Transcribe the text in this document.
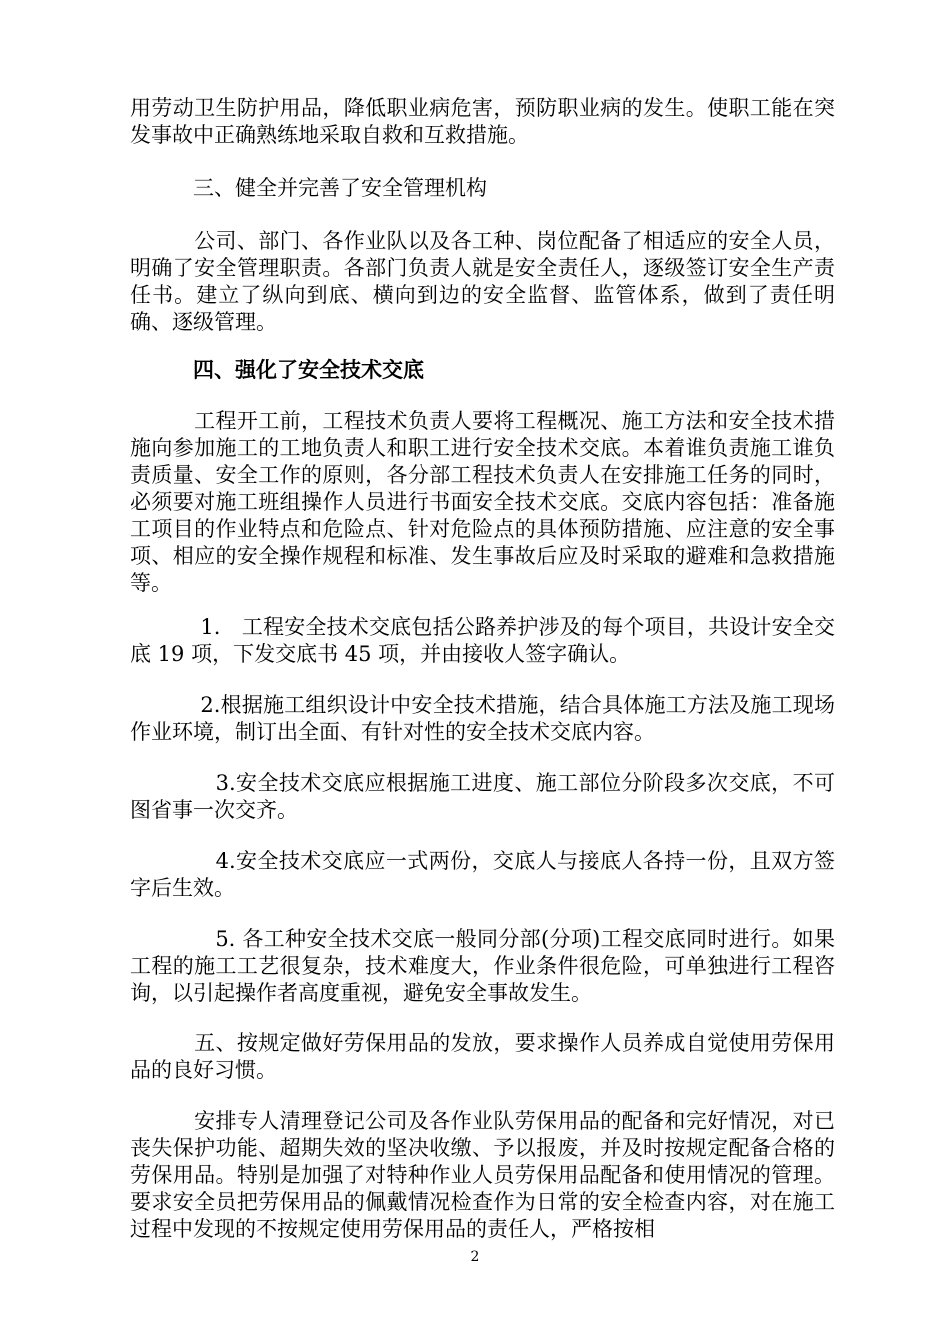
用劳动卫生防护用品，降低职业病危害，预防职业病的发生。使职工能在突发事故中正确熟练地采取自救和互救措施。

　　　三、健全并完善了安全管理机构

　　　公司、部门、各作业队以及各工种、岗位配备了相适应的安全人员，明确了安全管理职责。各部门负责人就是安全责任人，逐级签订安全生产责任书。建立了纵向到底、横向到边的安全监督、监管体系，做到了责任明确、逐级管理。

　　　四、强化了安全技术交底

　　　工程开工前，工程技术负责人要将工程概况、施工方法和安全技术措施向参加施工的工地负责人和职工进行安全技术交底。本着谁负责施工谁负责质量、安全工作的原则，各分部工程技术负责人在安排施工任务的同时，必须要对施工班组操作人员进行书面安全技术交底。交底内容包括：准备施工项目的作业特点和危险点、针对危险点的具体预防措施、应注意的安全事项、相应的安全操作规程和标准、发生事故后应及时采取的避难和急救措施等。

　　　 1.　工程安全技术交底包括公路养护涉及的每个项目，共设计安全交底 19 项，下发交底书 45 项，并由接收人签字确认。

　　　 2.根据施工组织设计中安全技术措施，结合具体施工方法及施工现场作业环境，制订出全面、有针对性的安全技术交底内容。

　　　　3.安全技术交底应根据施工进度、施工部位分阶段多次交底，不可图省事一次交齐。

　　　　4.安全技术交底应一式两份，交底人与接底人各持一份，且双方签字后生效。

　　　　5. 各工种安全技术交底一般同分部(分项)工程交底同时进行。如果工程的施工工艺很复杂，技术难度大，作业条件很危险，可单独进行工程咨询，以引起操作者高度重视，避免安全事故发生。

　　　五、按规定做好劳保用品的发放，要求操作人员养成自觉使用劳保用品的良好习惯。

　　　安排专人清理登记公司及各作业队劳保用品的配备和完好情况，对已丧失保护功能、超期失效的坚决收缴、予以报废，并及时按规定配备合格的劳保用品。特别是加强了对特种作业人员劳保用品配备和使用情况的管理。要求安全员把劳保用品的佩戴情况检查作为日常的安全检查内容，对在施工过程中发现的不按规定使用劳保用品的责任人，严格按相

2
